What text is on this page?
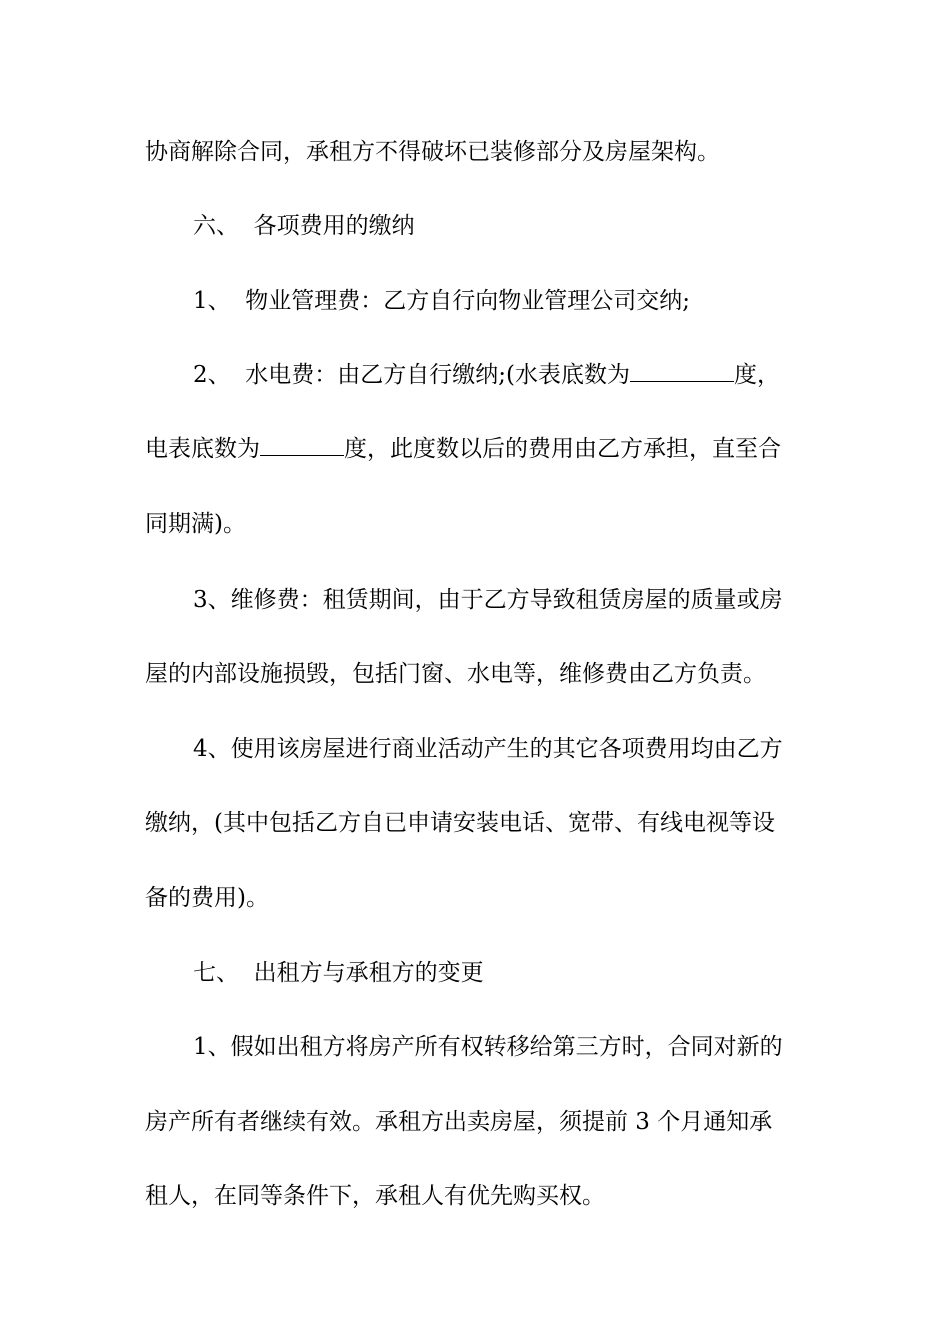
协商解除合同，承租方不得破坏已装修部分及房屋架构。
六、  各项费用的缴纳
1、  物业管理费：乙方自行向物业管理公司交纳;
2、  水电费：由乙方自行缴纳;(水表底数为	度，
电表底数为	度，此度数以后的费用由乙方承担，直至合
同期满)。
3、维修费：租赁期间，由于乙方导致租赁房屋的质量或房
屋的内部设施损毁，包括门窗、水电等，维修费由乙方负责。
4、使用该房屋进行商业活动产生的其它各项费用均由乙方
缴纳，(其中包括乙方自已申请安装电话、宽带、有线电视等设
备的费用)。
七、  出租方与承租方的变更
1、假如出租方将房产所有权转移给第三方时，合同对新的
房产所有者继续有效。承租方出卖房屋，须提前 3 个月通知承
租人，在同等条件下，承租人有优先购买权。
